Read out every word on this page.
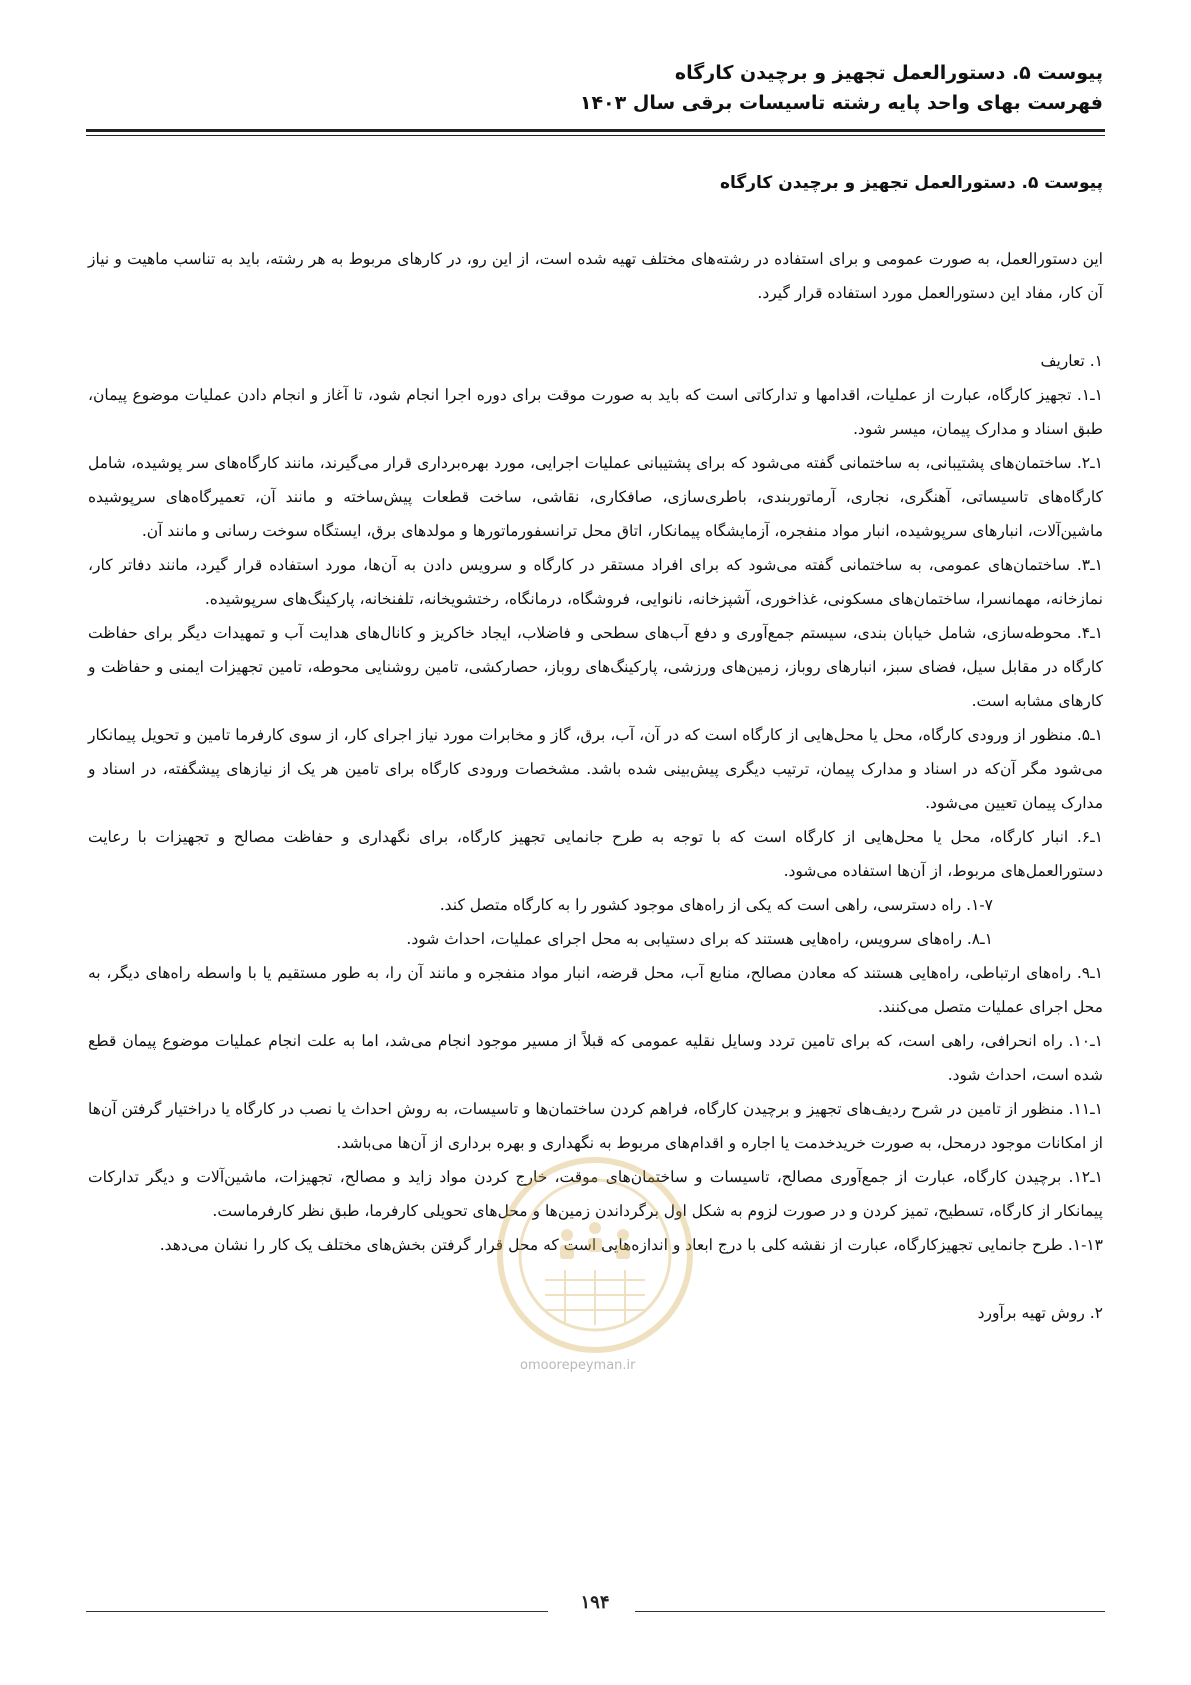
پیوست ۵. دستورالعمل تجهیز و برچیدن کارگاه
فهرست بهای واحد پایه رشته تاسیسات برقی سال ۱۴۰۳
پیوست ۵. دستورالعمل تجهیز و برچیدن کارگاه

این دستورالعمل، به صورت عمومی و برای استفاده در رشته‌های مختلف تهیه شده است، از این رو، در کارهای مربوط به هر رشته، باید به تناسب ماهیت و نیاز آن کار، مفاد این دستورالعمل مورد استفاده قرار گیرد.

۱. تعاریف

۱ـ۱. تجهیز کارگاه، عبارت از عملیات، اقدامها و تدارکاتی است که باید به صورت موقت برای دوره اجرا انجام شود، تا آغاز و انجام دادن عملیات موضوع پیمان، طبق اسناد و مدارک پیمان، میسر شود.

۱ـ۲. ساختمان‌های پشتیبانی، به ساختمانی گفته می‌شود که برای پشتیبانی عملیات اجرایی، مورد بهره‌برداری قرار می‌گیرند، مانند کارگاه‌های سر پوشیده، شامل کارگاه‌های تاسیساتی، آهنگری، نجاری، آرماتوربندی، باطری‌سازی، صافکاری، نقاشی، ساخت قطعات پیش‌ساخته و مانند آن، تعمیرگاه‌های سرپوشیده ماشین‌آلات، انبارهای سرپوشیده، انبار مواد منفجره، آزمایشگاه پیمانکار، اتاق محل ترانسفورماتورها و مولدهای برق، ایستگاه سوخت رسانی و مانند آن.

۱ـ۳. ساختمان‌های عمومی، به ساختمانی گفته می‌شود که برای افراد مستقر در کارگاه و سرویس دادن به آن‌ها، مورد استفاده قرار گیرد، مانند دفاتر کار، نمازخانه، مهمانسرا، ساختمان‌های مسکونی، غذاخوری، آشپزخانه، نانوایی، فروشگاه، درمانگاه، رختشویخانه، تلفنخانه، پارکینگ‌های سرپوشیده.

۱ـ۴. محوطه‌سازی، شامل خیابان بندی، سیستم جمع‌آوری و دفع آب‌های سطحی و فاضلاب، ایجاد خاکریز و کانال‌های هدایت آب و تمهیدات دیگر برای حفاظت کارگاه در مقابل سیل، فضای سبز، انبارهای روباز، زمین‌های ورزشی، پارکینگ‌های روباز، حصارکشی، تامین روشنایی محوطه، تامین تجهیزات ایمنی و حفاظت و کارهای مشابه است.

۱ـ۵. منظور از ورودی کارگاه، محل یا محل‌هایی از کارگاه است که در آن، آب، برق، گاز و مخابرات مورد نیاز اجرای کار، از سوی کارفرما تامین و تحویل پیمانکار می‌شود مگر آن‌که در اسناد و مدارک پیمان، ترتیب دیگری پیش‌بینی شده باشد. مشخصات ورودی کارگاه برای تامین هر یک از نیازهای پیشگفته، در اسناد و مدارک پیمان تعیین می‌شود.

۱ـ۶. انبار کارگاه، محل یا محل‌هایی از کارگاه است که با توجه به طرح جانمایی تجهیز کارگاه، برای نگهداری و حفاظت مصالح و تجهیزات با رعایت دستورالعمل‌های مربوط، از آن‌ها استفاده می‌شود.

۱-۷. راه دسترسی، راهی است که یکی از راه‌های موجود کشور را به کارگاه متصل کند.

۱ـ۸. راه‌های سرویس، راه‌هایی هستند که برای دستیابی به محل اجرای عملیات، احداث شود.

۱ـ۹. راه‌های ارتباطی، راه‌هایی هستند که معادن مصالح، منابع آب، محل قرضه، انبار مواد منفجره و مانند آن را، به طور مستقیم یا با واسطه راه‌های دیگر، به محل اجرای عملیات متصل می‌کنند.

۱ـ۱۰. راه انحرافی، راهی است، که برای تامین تردد وسایل نقلیه عمومی که قبلاً از مسیر موجود انجام می‌شد، اما به علت انجام عملیات موضوع پیمان قطع شده است، احداث شود.

۱ـ۱۱. منظور از تامین در شرح ردیف‌های تجهیز و برچیدن کارگاه، فراهم کردن ساختمان‌ها و تاسیسات، به روش احداث یا نصب در کارگاه یا دراختیار گرفتن آن‌ها از امکانات موجود درمحل، به صورت خریدخدمت یا اجاره و اقدام‌های مربوط به نگهداری و بهره برداری از آن‌ها می‌باشد.

۱ـ۱۲. برچیدن کارگاه، عبارت از جمع‌آوری مصالح، تاسیسات و ساختمان‌های موقت، خارج کردن مواد زاید و مصالح، تجهیزات، ماشین‌آلات و دیگر تدارکات پیمانکار از کارگاه، تسطیح، تمیز کردن و در صورت لزوم به شکل اول برگرداندن زمین‌ها و محل‌های تحویلی کارفرما، طبق نظر کارفرماست.

۱-۱۳. طرح جانمایی تجهیزکارگاه، عبارت از نقشه کلی با درج ابعاد و اندازه‌هایی است که محل قرار گرفتن بخش‌های مختلف یک کار را نشان می‌دهد.

۲. روش تهیه برآورد

omoorepeyman.ir
۱۹۴
